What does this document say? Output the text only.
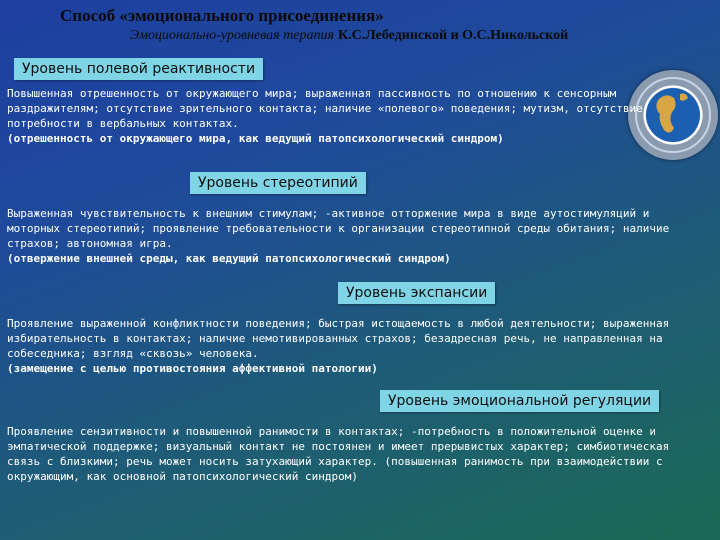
Способ «эмоционального присоединения»
Эмоционально-уровневая терапия К.С.Лебединской и О.С.Никольской
Уровень полевой реактивности

Повышенная отрешенность от окружающего мира; выраженная пассивность по отношению к сенсорным раздражителям; отсутствие зрительного контакта; наличие «полевого» поведения; мутизм, отсутствие потребности в вербальных контактах.
(отрешенность от окружающего мира, как ведущий патопсихологический синдром)

Уровень стереотипий

Выраженная чувствительность к внешним стимулам; -активное отторжение мира в виде аутостимуляций и моторных стереотипий; проявление требовательности к организации стереотипной среды обитания; наличие страхов; автономная игра.
(отвержение внешней среды, как ведущий патопсихологический синдром)

Уровень экспансии

Проявление выраженной конфликтности поведения; быстрая истощаемость в любой деятельности; выраженная избирательность в контактах; наличие немотивированных страхов; безадресная речь, не направленная на собеседника; взгляд «сквозь» человека.
(замещение с целью противостояния аффективной патологии)

Уровень эмоциональной регуляции

Проявление сензитивности и повышенной ранимости в контактах; -потребность в положительной оценке и эмпатической поддержке; визуальный контакт не постоянен и имеет прерывистых характер; симбиотическая связь с близкими; речь может носить затухающий характер. (повышенная ранимость при взаимодействии с окружающим, как основной патопсихологический синдром)
